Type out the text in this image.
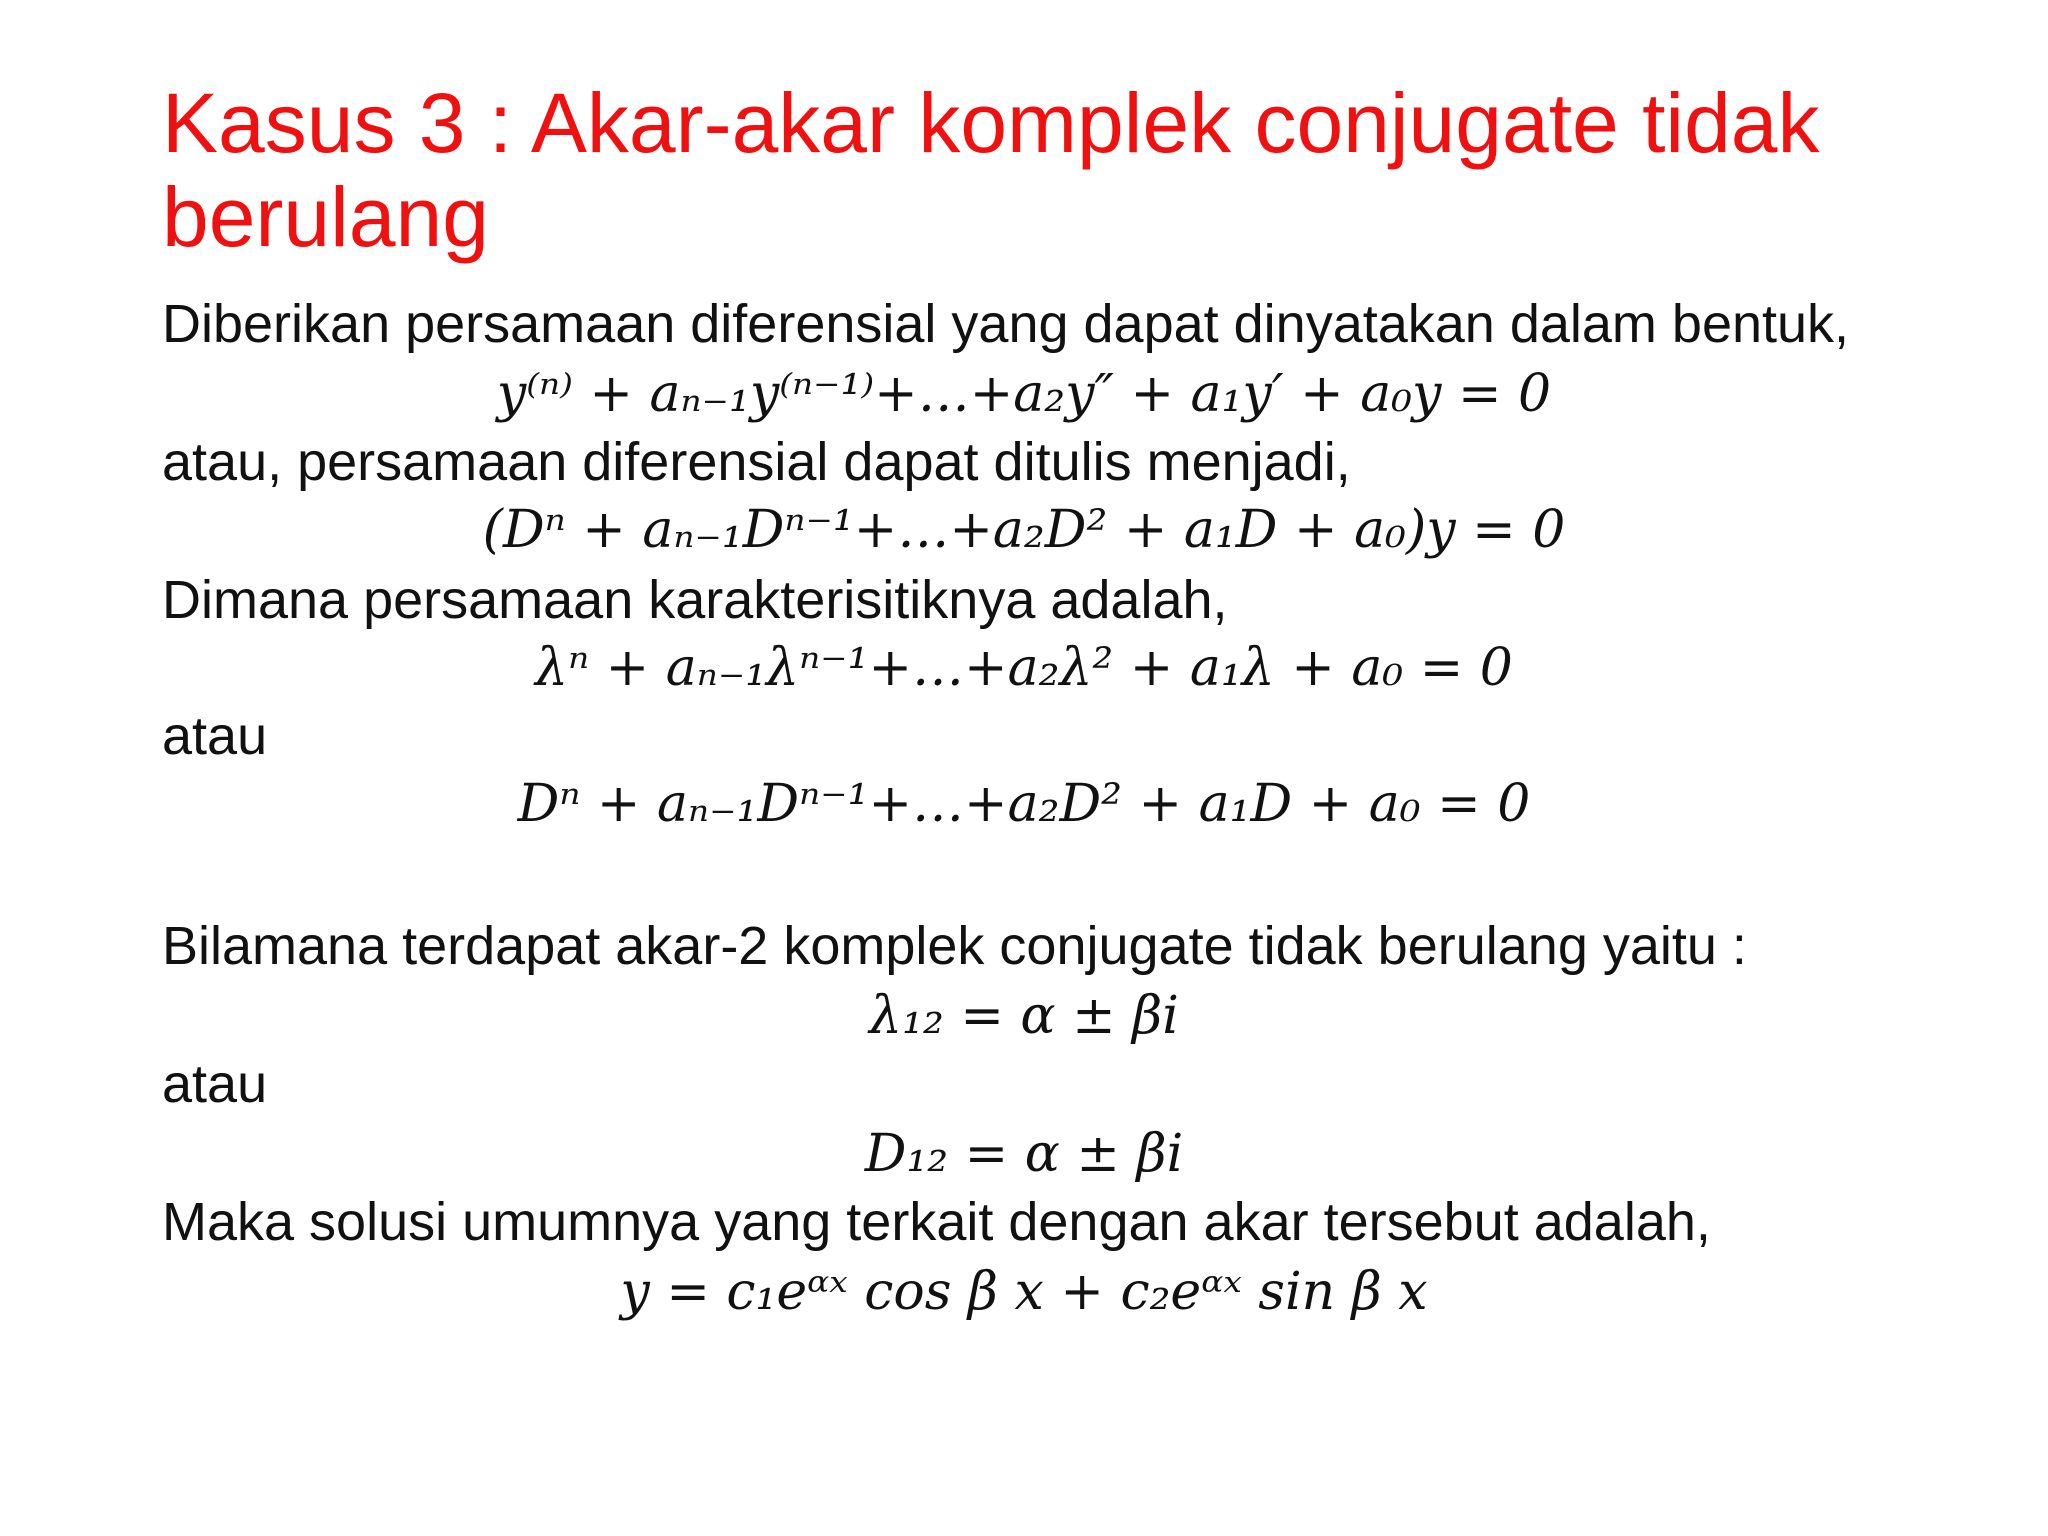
Kasus 3 : Akar-akar komplek conjugate tidak berulang
Diberikan persamaan diferensial yang dapat dinyatakan dalam bentuk,
y⁽ⁿ⁾ + aₙ₋₁y⁽ⁿ⁻¹⁾+…+a₂y″ + a₁y′ + a₀y = 0
atau, persamaan diferensial dapat ditulis menjadi,
(Dⁿ + aₙ₋₁Dⁿ⁻¹+…+a₂D² + a₁D + a₀)y = 0
Dimana persamaan karakterisitiknya adalah,
λⁿ + aₙ₋₁λⁿ⁻¹+…+a₂λ² + a₁λ + a₀ = 0
atau
Dⁿ + aₙ₋₁Dⁿ⁻¹+…+a₂D² + a₁D + a₀ = 0
Bilamana terdapat akar-2 komplek conjugate tidak berulang yaitu :
λ₁₂ = α ± βi
atau
D₁₂ = α ± βi
Maka solusi umumnya yang terkait dengan akar tersebut adalah,
y = c₁eᵅˣ cos β x + c₂eᵅˣ sin β x
